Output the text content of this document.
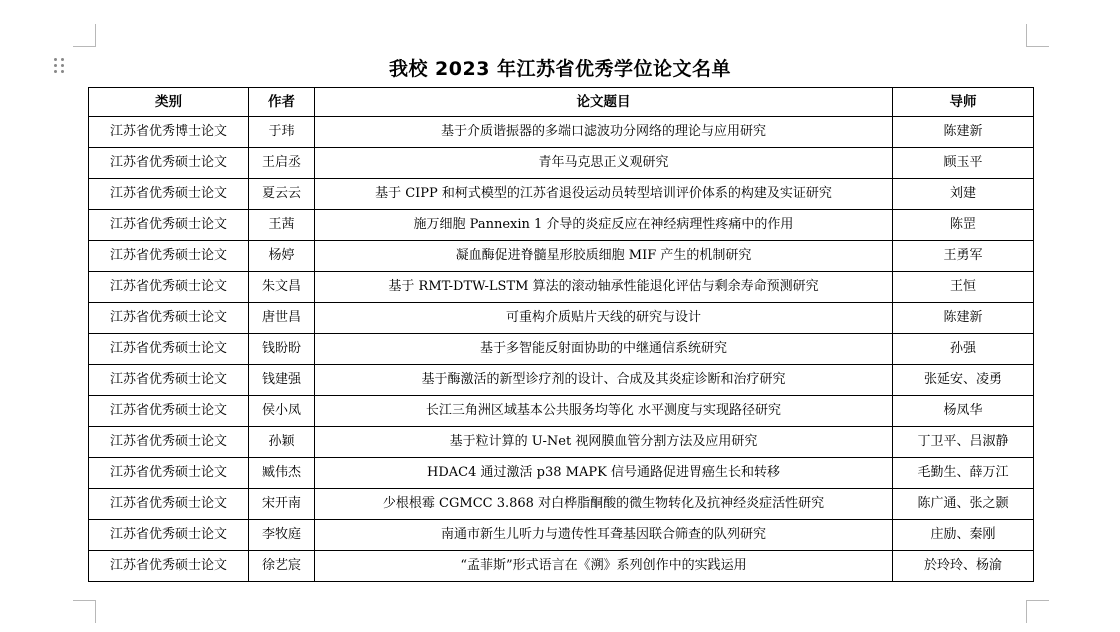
我校 2023 年江苏省优秀学位论文名单
类别	作者	论文题目	导师
江苏省优秀博士论文	于玮	基于介质谐振器的多端口滤波功分网络的理论与应用研究	陈建新
江苏省优秀硕士论文	王启丞	青年马克思正义观研究	顾玉平
江苏省优秀硕士论文	夏云云	基于 CIPP 和柯式模型的江苏省退役运动员转型培训评价体系的构建及实证研究	刘建
江苏省优秀硕士论文	王茜	施万细胞 Pannexin 1 介导的炎症反应在神经病理性疼痛中的作用	陈罡
江苏省优秀硕士论文	杨婷	凝血酶促进脊髓星形胶质细胞 MIF 产生的机制研究	王勇军
江苏省优秀硕士论文	朱文昌	基于 RMT-DTW-LSTM 算法的滚动轴承性能退化评估与剩余寿命预测研究	王恒
江苏省优秀硕士论文	唐世昌	可重构介质贴片天线的研究与设计	陈建新
江苏省优秀硕士论文	钱盼盼	基于多智能反射面协助的中继通信系统研究	孙强
江苏省优秀硕士论文	钱建强	基于酶激活的新型诊疗剂的设计、合成及其炎症诊断和治疗研究	张延安、凌勇
江苏省优秀硕士论文	侯小凤	长江三角洲区域基本公共服务均等化 水平测度与实现路径研究	杨凤华
江苏省优秀硕士论文	孙颖	基于粒计算的 U-Net 视网膜血管分割方法及应用研究	丁卫平、吕淑静
江苏省优秀硕士论文	臧伟杰	HDAC4 通过激活 p38 MAPK 信号通路促进胃癌生长和转移	毛勤生、薛万江
江苏省优秀硕士论文	宋开南	少根根霉 CGMCC 3.868 对白桦脂酮酸的微生物转化及抗神经炎症活性研究	陈广通、张之颢
江苏省优秀硕士论文	李牧庭	南通市新生儿听力与遗传性耳聋基因联合筛查的队列研究	庄励、秦刚
江苏省优秀硕士论文	徐艺宸	“孟菲斯”形式语言在《溯》系列创作中的实践运用	於玲玲、杨渝
